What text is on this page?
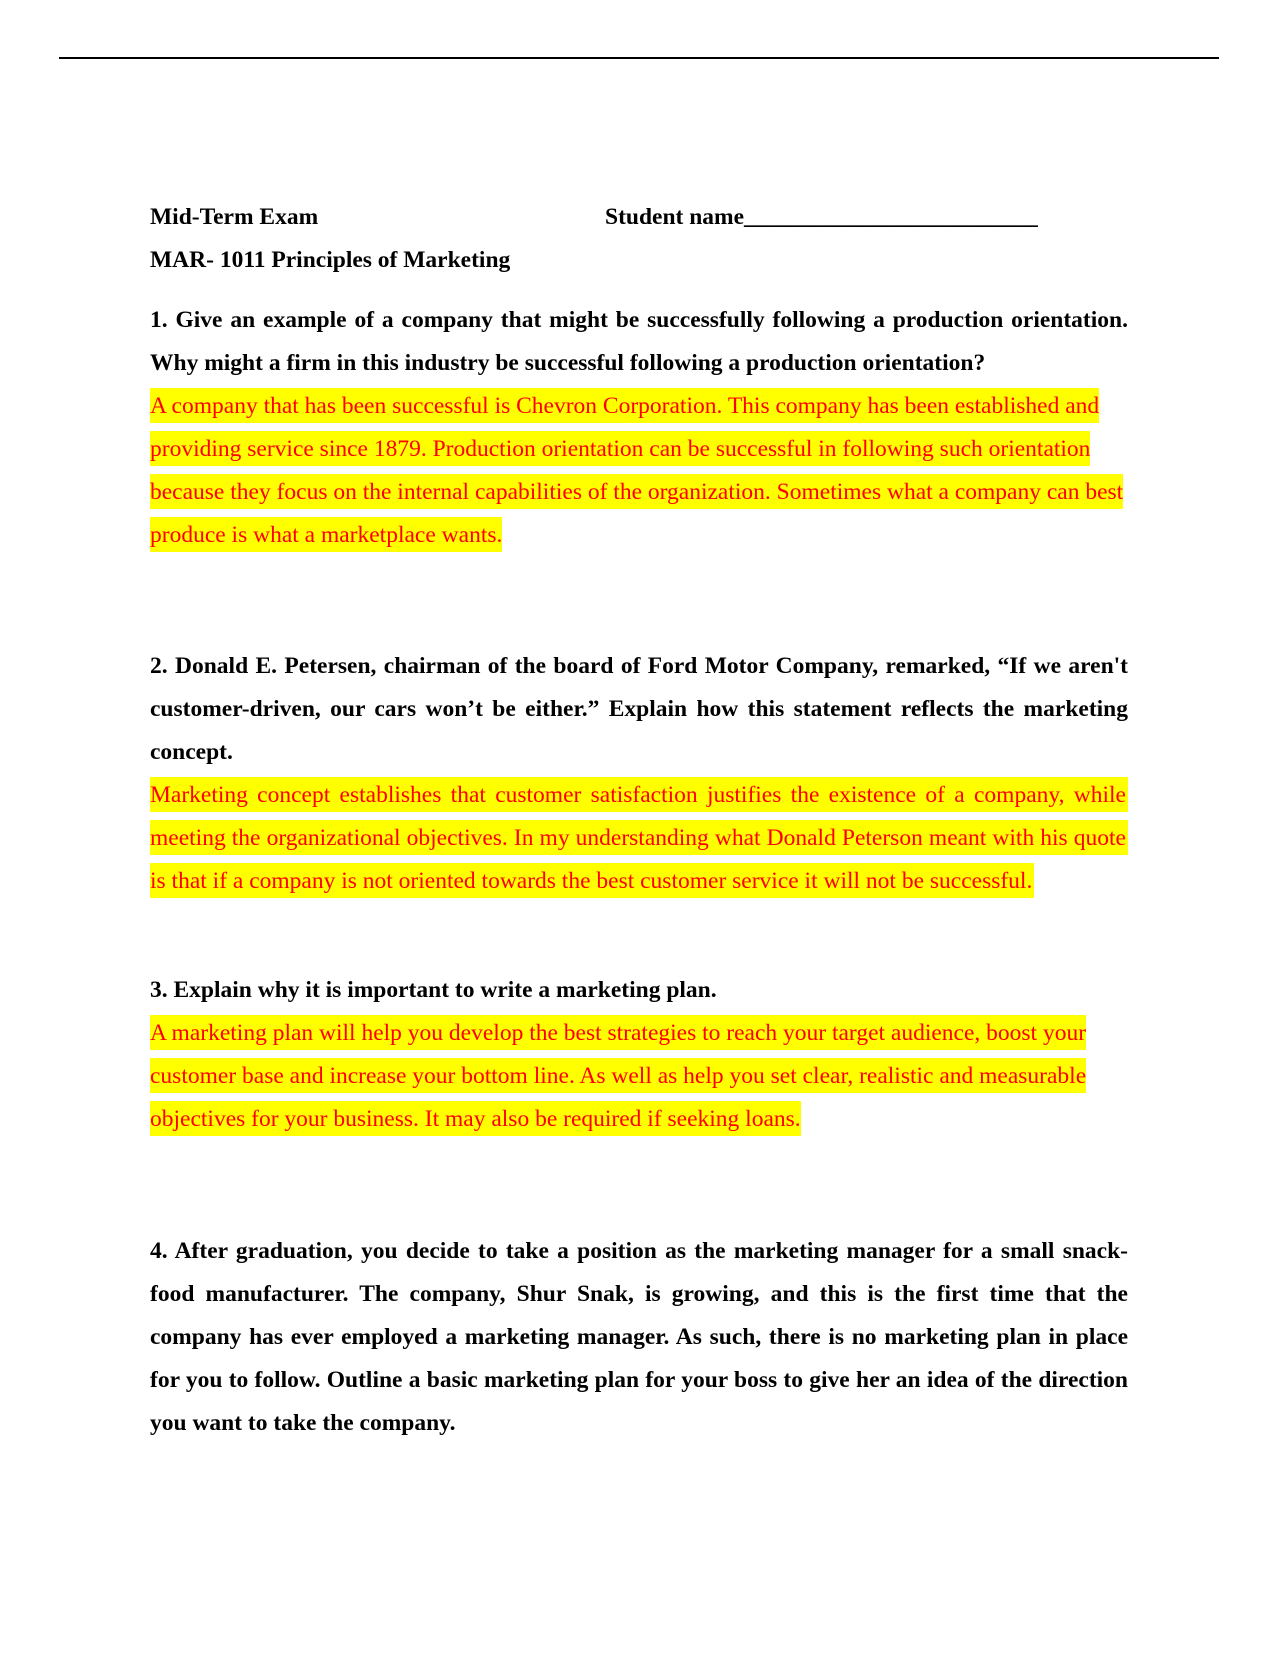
Mid-Term Exam	Student name_________________________
MAR- 1011 Principles of Marketing

1. Give an example of a company that might be successfully following a production orientation. Why might a firm in this industry be successful following a production orientation?

A company that has been successful is Chevron Corporation. This company has been established and providing service since 1879. Production orientation can be successful in following such orientation because they focus on the internal capabilities of the organization. Sometimes what a company can best produce is what a marketplace wants.

2. Donald E. Petersen, chairman of the board of Ford Motor Company, remarked, “If we aren't customer-driven, our cars won’t be either.” Explain how this statement reflects the marketing concept.

Marketing concept establishes that customer satisfaction justifies the existence of a company, while meeting the organizational objectives. In my understanding what Donald Peterson meant with his quote is that if a company is not oriented towards the best customer service it will not be successful.

3. Explain why it is important to write a marketing plan.

A marketing plan will help you develop the best strategies to reach your target audience, boost your customer base and increase your bottom line. As well as help you set clear, realistic and measurable objectives for your business. It may also be required if seeking loans.

4. After graduation, you decide to take a position as the marketing manager for a small snack-food manufacturer. The company, Shur Snak, is growing, and this is the first time that the company has ever employed a marketing manager. As such, there is no marketing plan in place for you to follow. Outline a basic marketing plan for your boss to give her an idea of the direction you want to take the company.
